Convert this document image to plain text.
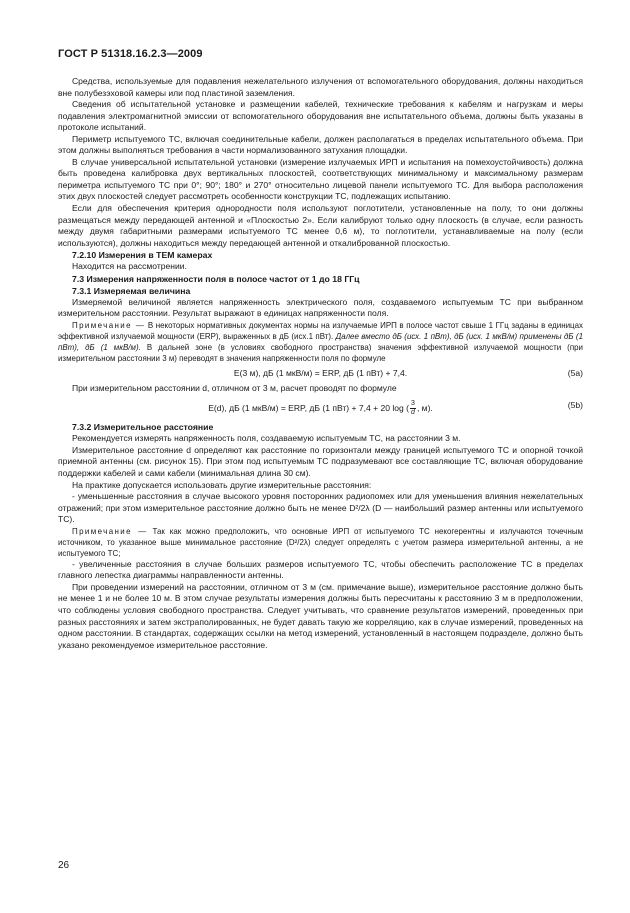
ГОСТ Р 51318.16.2.3—2009

Средства, используемые для подавления нежелательного излучения от вспомогательного оборудования, должны находиться вне полубезэховой камеры или под пластиной заземления.

Сведения об испытательной установке и размещении кабелей, технические требования к кабелям и нагрузкам и меры подавления электромагнитной эмиссии от вспомогательного оборудования вне испытательного объема, должны быть указаны в протоколе испытаний.

Периметр испытуемого ТС, включая соединительные кабели, должен располагаться в пределах испытательного объема. При этом должны выполняться требования в части нормализованного затухания площадки.

В случае универсальной испытательной установки (измерение излучаемых ИРП и испытания на помехоустойчивость) должна быть проведена калибровка двух вертикальных плоскостей, соответствующих минимальному и максимальному размерам периметра испытуемого ТС при 0°; 90°; 180° и 270° относительно лицевой панели испытуемого ТС. Для выбора расположения этих двух плоскостей следует рассмотреть особенности конструкции ТС, подлежащих испытанию.

Если для обеспечения критерия однородности поля используют поглотители, установленные на полу, то они должны размещаться между передающей антенной и «Плоскостью 2». Если калибруют только одну плоскость (в случае, если разность между двумя габаритными размерами испытуемого ТС менее 0,6 м), то поглотители, устанавливаемые на полу (если используются), должны находиться между передающей антенной и откалиброванной плоскостью.

7.2.10 Измерения в ТЕМ камерах

Находится на рассмотрении.

7.3 Измерения напряженности поля в полосе частот от 1 до 18 ГГц
7.3.1 Измеряемая величина

Измеряемой величиной является напряженность электрического поля, создаваемого испытуемым ТС при выбранном измерительном расстоянии. Результат выражают в единицах напряженности поля.

Примечание — В некоторых нормативных документах нормы на излучаемые ИРП в полосе частот свыше 1 ГГц заданы в единицах эффективной излучаемой мощности (ERP), выраженных в дБ (исх.1 пВт). Далее вместо дБ (исх. 1 пВт), дБ (исх. 1 мкВ/м) применены дБ (1 пВт), дБ (1 мкВ/м). В дальней зоне (в условиях свободного пространства) значения эффективной излучаемой мощности (при измерительном расстоянии 3 м) переводят в значения напряженности поля по формуле

E(3 м), дБ (1 мкВ/м) = ERP, дБ (1 пВт) + 7,4.	(5a)

При измерительном расстоянии d, отличном от 3 м, расчет проводят по формуле

E(d), дБ (1 мкВ/м) = ERP, дБ (1 пВт) + 7,4 + 20 log ( $\frac{3}{d}$ , м).	(5b)
7.3.2 Измерительное расстояние

Рекомендуется измерять напряженность поля, создаваемую испытуемым ТС, на расстоянии 3 м.

Измерительное расстояние d определяют как расстояние по горизонтали между границей испытуемого ТС и опорной точкой приемной антенны (см. рисунок 15). При этом под испытуемым ТС подразумевают все составляющие ТС, включая оборудование поддержки кабелей и сами кабели (минимальная длина 30 см).

На практике допускается использовать другие измерительные расстояния:

- уменьшенные расстояния в случае высокого уровня посторонних радиопомех или для уменьшения влияния нежелательных отражений; при этом измерительное расстояние должно быть не менее D²/2λ (D — наибольший размер антенны или испытуемого ТС).

Примечание — Так как можно предположить, что основные ИРП от испытуемого ТС некогерентны и излучаются точечным источником, то указанное выше минимальное расстояние (D²/2λ) следует определять с учетом размера измерительной антенны, а не испытуемого ТС;

- увеличенные расстояния в случае больших размеров испытуемого ТС, чтобы обеспечить расположение ТС в пределах главного лепестка диаграммы направленности антенны.

При проведении измерений на расстоянии, отличном от 3 м (см. примечание выше), измерительное расстояние должно быть не менее 1 и не более 10 м. В этом случае результаты измерения должны быть пересчитаны к расстоянию 3 м в предположении, что соблюдены условия свободного пространства. Следует учитывать, что сравнение результатов измерений, проведенных при разных расстояниях и затем экстраполированных, не будет давать такую же корреляцию, как в случае измерений, проведенных на одном расстоянии. В стандартах, содержащих ссылки на метод измерений, установленный в настоящем подразделе, должно быть указано рекомендуемое измерительное расстояние.

26
